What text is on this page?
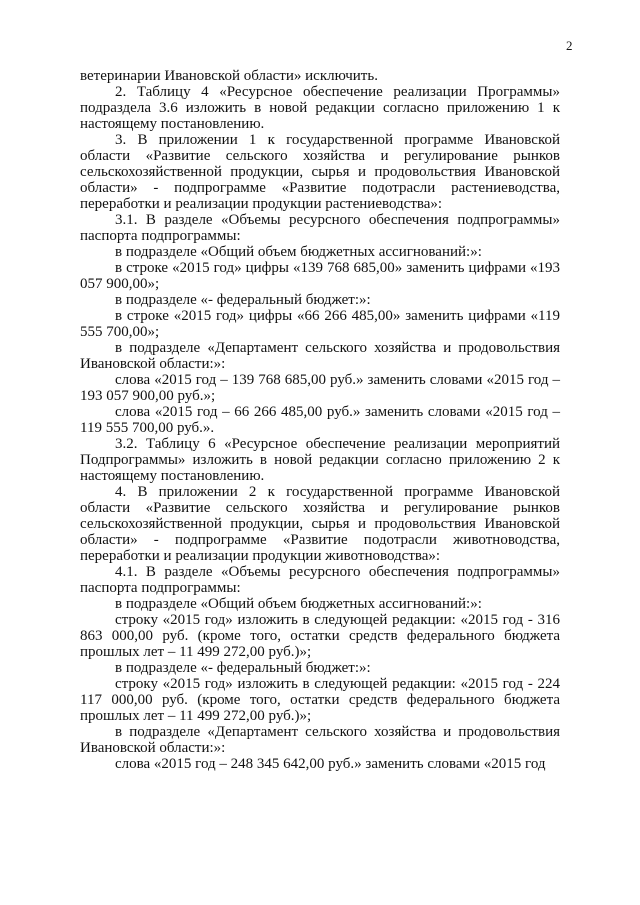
2

ветеринарии Ивановской области» исключить.

2. Таблицу 4 «Ресурсное обеспечение реализации Программы» подраздела 3.6 изложить в новой редакции согласно приложению 1 к настоящему постановлению.

3. В приложении 1 к государственной программе Ивановской области «Развитие сельского хозяйства и регулирование рынков сельскохозяйственной продукции, сырья и продовольствия Ивановской области» - подпрограмме «Развитие подотрасли растениеводства, переработки и реализации продукции растениеводства»:

3.1. В разделе «Объемы ресурсного обеспечения подпрограммы» паспорта подпрограммы:

в подразделе «Общий объем бюджетных ассигнований:»:

в строке «2015 год» цифры «139 768 685,00» заменить цифрами «193 057 900,00»;

в подразделе «- федеральный бюджет:»:

в строке «2015 год» цифры «66 266 485,00» заменить цифрами «119 555 700,00»;

в подразделе «Департамент сельского хозяйства и продовольствия Ивановской области:»:

слова «2015 год – 139 768 685,00 руб.» заменить словами «2015 год – 193 057 900,00 руб.»;

слова «2015 год – 66 266 485,00 руб.» заменить словами «2015 год – 119 555 700,00 руб.».

3.2. Таблицу 6 «Ресурсное обеспечение реализации мероприятий Подпрограммы» изложить в новой редакции согласно приложению 2 к настоящему постановлению.

4. В приложении 2 к государственной программе Ивановской области «Развитие сельского хозяйства и регулирование рынков сельскохозяйственной продукции, сырья и продовольствия Ивановской области» - подпрограмме «Развитие подотрасли животноводства, переработки и реализации продукции животноводства»:

4.1. В разделе «Объемы ресурсного обеспечения подпрограммы» паспорта подпрограммы:

в подразделе «Общий объем бюджетных ассигнований:»:

строку «2015 год» изложить в следующей редакции: «2015 год - 316 863 000,00 руб. (кроме того, остатки средств федерального бюджета прошлых лет – 11 499 272,00 руб.)»;

в подразделе «- федеральный бюджет:»:

строку «2015 год» изложить в следующей редакции: «2015 год - 224 117 000,00 руб. (кроме того, остатки средств федерального бюджета прошлых лет – 11 499 272,00 руб.)»;

в подразделе «Департамент сельского хозяйства и продовольствия Ивановской области:»:

слова «2015 год – 248 345 642,00 руб.» заменить словами «2015 год
